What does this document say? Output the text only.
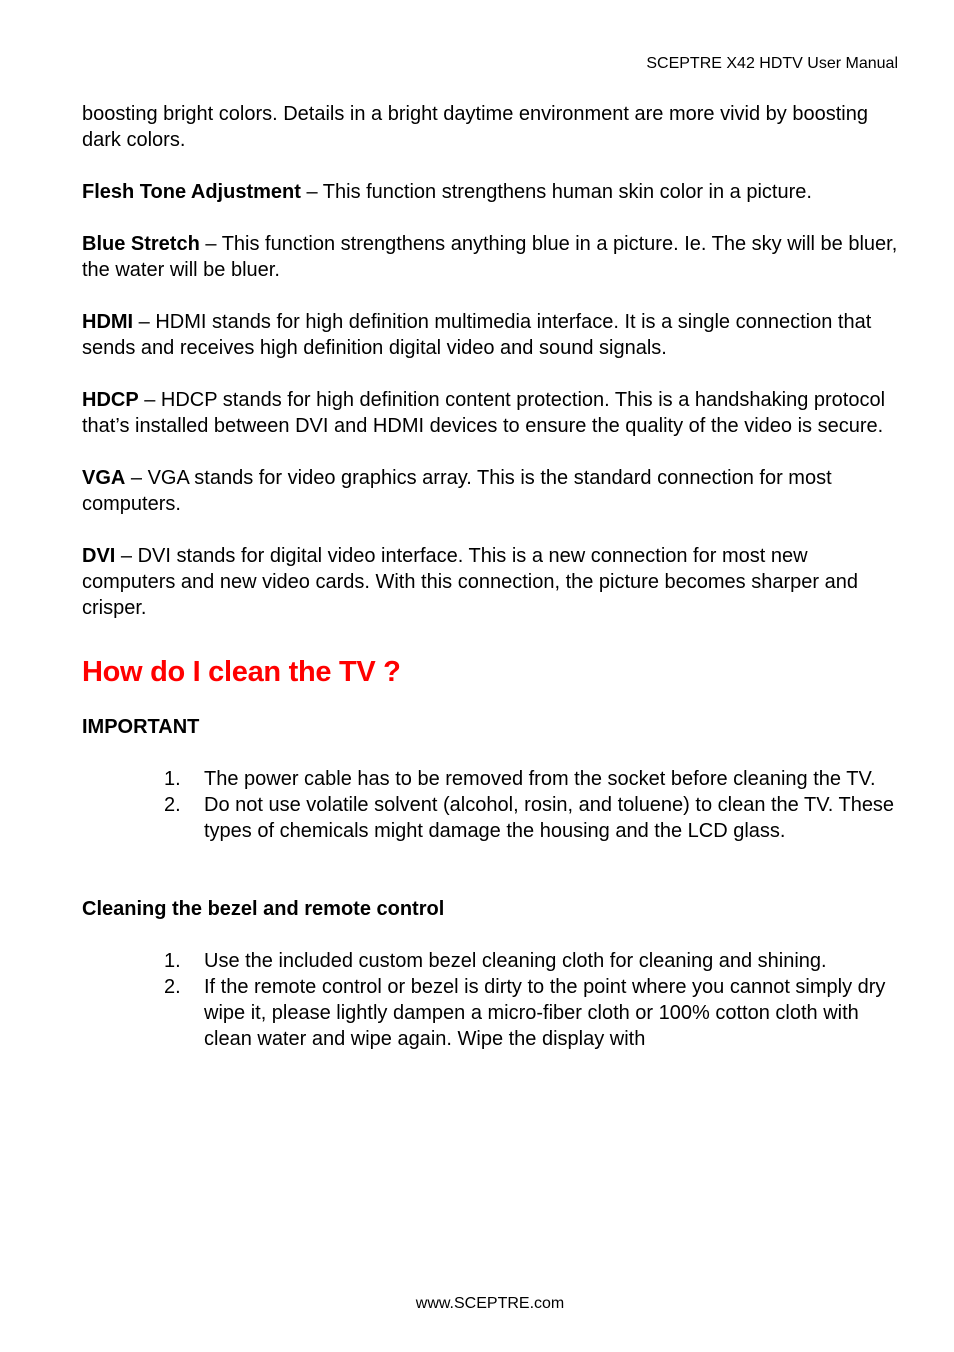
SCEPTRE X42 HDTV User Manual

boosting bright colors. Details in a bright daytime environment are more vivid by boosting dark colors.

Flesh Tone Adjustment – This function strengthens human skin color in a picture.

Blue Stretch – This function strengthens anything blue in a picture. Ie. The sky will be bluer, the water will be bluer.

HDMI – HDMI stands for high definition multimedia interface. It is a single connection that sends and receives high definition digital video and sound signals.

HDCP – HDCP stands for high definition content protection. This is a handshaking protocol that’s installed between DVI and HDMI devices to ensure the quality of the video is secure.

VGA – VGA stands for video graphics array. This is the standard connection for most computers.

DVI – DVI stands for digital video interface. This is a new connection for most new computers and new video cards. With this connection, the picture becomes sharper and crisper.

How do I clean the TV ?

IMPORTANT

1. The power cable has to be removed from the socket before cleaning the TV.
2. Do not use volatile solvent (alcohol, rosin, and toluene) to clean the TV. These types of chemicals might damage the housing and the LCD glass.

Cleaning the bezel and remote control

1. Use the included custom bezel cleaning cloth for cleaning and shining.
2. If the remote control or bezel is dirty to the point where you cannot simply dry wipe it, please lightly dampen a micro-fiber cloth or 100% cotton cloth with clean water and wipe again. Wipe the display with
www.SCEPTRE.com
